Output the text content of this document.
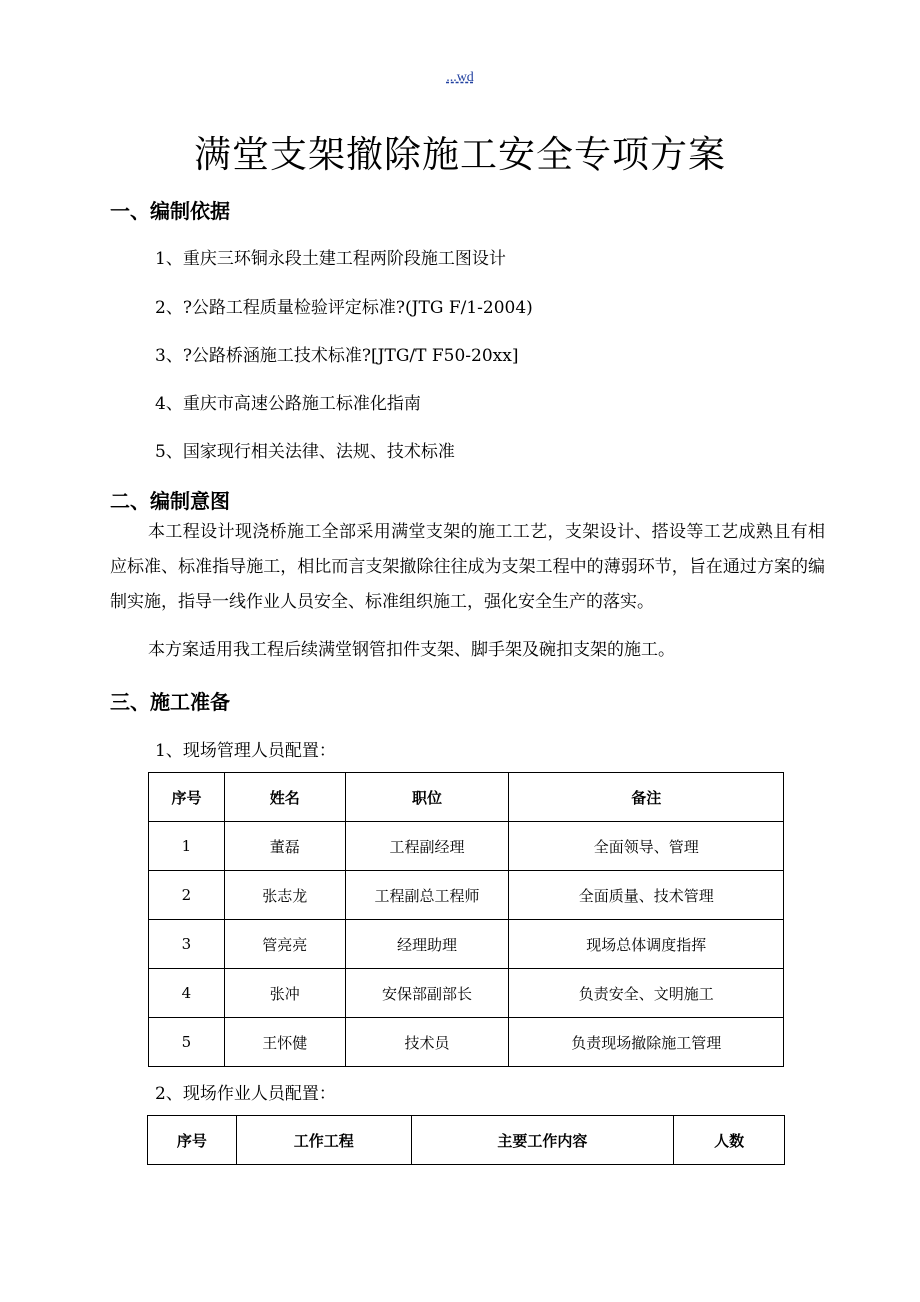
...wd
满堂支架撤除施工安全专项方案
一、编制依据
1、重庆三环铜永段土建工程两阶段施工图设计
2、?公路工程质量检验评定标准?(JTG F/1-2004)
3、?公路桥涵施工技术标准?[JTG/T F50-20xx]
4、重庆市高速公路施工标准化指南
5、国家现行相关法律、法规、技术标准
二、编制意图
本工程设计现浇桥施工全部采用满堂支架的施工工艺，支架设计、搭设等工艺成熟且有相应标准、标准指导施工，相比而言支架撤除往往成为支架工程中的薄弱环节，旨在通过方案的编制实施，指导一线作业人员安全、标准组织施工，强化安全生产的落实。
本方案适用我工程后续满堂钢管扣件支架、脚手架及碗扣支架的施工。
三、施工准备
1、现场管理人员配置：
序号	姓名	职位	备注
1	董磊	工程副经理	全面领导、管理
2	张志龙	工程副总工程师	全面质量、技术管理
3	管亮亮	经理助理	现场总体调度指挥
4	张冲	安保部副部长	负责安全、文明施工
5	王怀健	技术员	负责现场撤除施工管理
2、现场作业人员配置：
序号	工作工程	主要工作内容	人数
